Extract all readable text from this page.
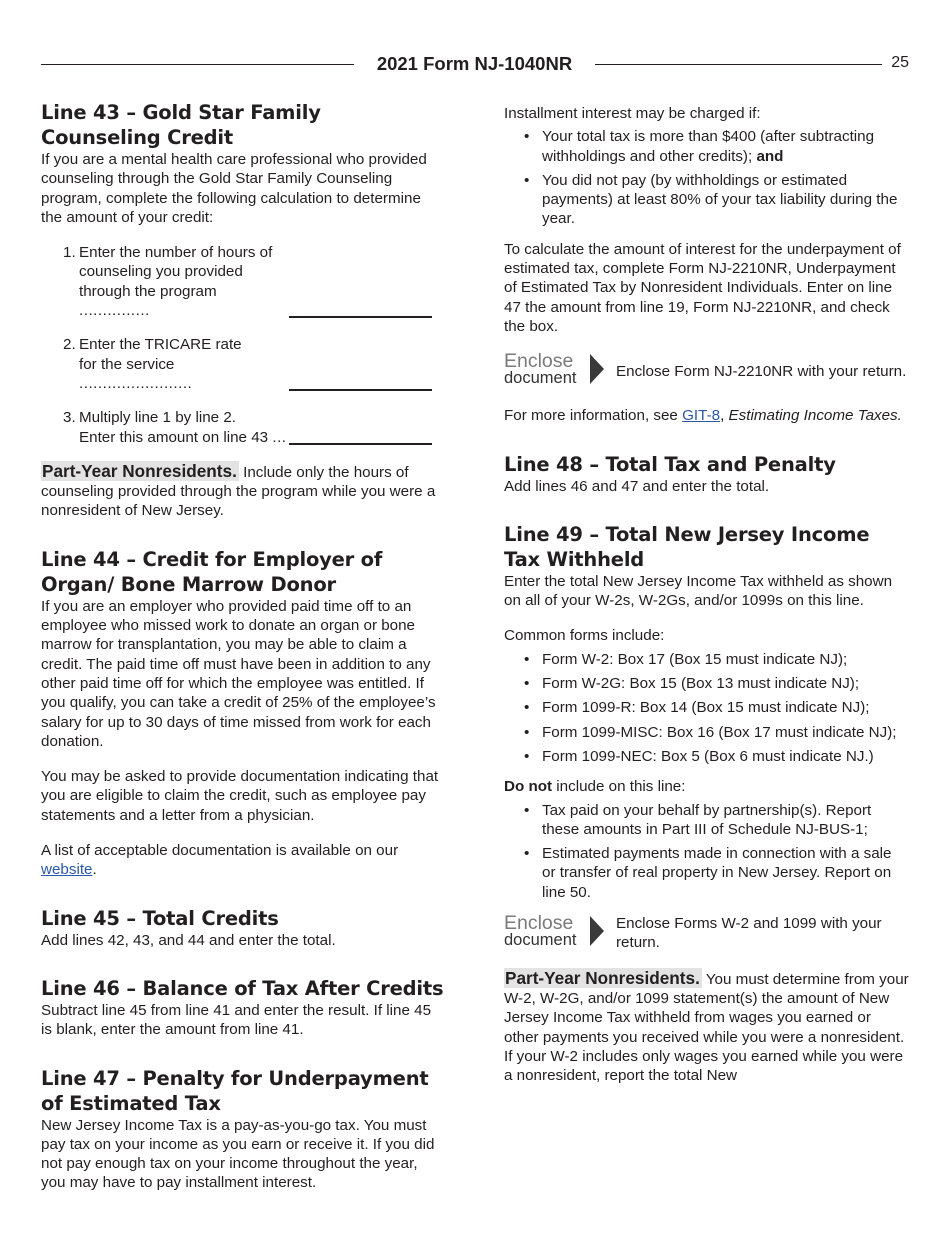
2021 Form NJ-1040NR	25
Line 43 – Gold Star Family Counseling Credit

If you are a mental health care professional who provided counseling through the Gold Star Family Counseling program, complete the following calculation to determine the amount of your credit:

1. Enter the number of hours of
counseling you provided
through the program ...............
2. Enter the TRICARE rate
for the service ........................
3. Multiply line 1 by line 2.
Enter this amount on line 43 ...

Part-Year Nonresidents. Include only the hours of counseling provided through the program while you were a nonresident of New Jersey.

Line 44 – Credit for Employer of Organ/ Bone Marrow Donor

If you are an employer who provided paid time off to an employee who missed work to donate an organ or bone marrow for transplantation, you may be able to claim a credit. The paid time off must have been in addition to any other paid time off for which the employee was entitled. If you qualify, you can take a credit of 25% of the employee’s salary for up to 30 days of time missed from work for each donation.

You may be asked to provide documentation indicating that you are eligible to claim the credit, such as employee pay statements and a letter from a physician.

A list of acceptable documentation is available on our website.

Line 45 – Total Credits

Add lines 42, 43, and 44 and enter the total.

Line 46 – Balance of Tax After Credits

Subtract line 45 from line 41 and enter the result. If line 45 is blank, enter the amount from line 41.

Line 47 – Penalty for Underpayment of Estimated Tax

New Jersey Income Tax is a pay-as-you-go tax. You must pay tax on your income as you earn or receive it. If you did not pay enough tax on your income throughout the year, you may have to pay installment interest.

Installment interest may be charged if:

• Your total tax is more than $400 (after subtracting withholdings and other credits); and
• You did not pay (by withholdings or estimated payments) at least 80% of your tax liability during the year.

To calculate the amount of interest for the underpayment of estimated tax, complete Form NJ-2210NR, Underpayment of Estimated Tax by Nonresident Individuals. Enter on line 47 the amount from line 19, Form NJ-2210NR, and check the box.

Enclose
document	Enclose Form NJ-2210NR with your return.

For more information, see GIT-8, Estimating Income Taxes.

Line 48 – Total Tax and Penalty

Add lines 46 and 47 and enter the total.

Line 49 – Total New Jersey Income Tax Withheld

Enter the total New Jersey Income Tax withheld as shown on all of your W-2s, W-2Gs, and/or 1099s on this line.

Common forms include:

• Form W-2: Box 17 (Box 15 must indicate NJ);
• Form W-2G: Box 15 (Box 13 must indicate NJ);
• Form 1099-R: Box 14 (Box 15 must indicate NJ);
• Form 1099-MISC: Box 16 (Box 17 must indicate NJ);
• Form 1099-NEC: Box 5 (Box 6 must indicate NJ.)

Do not include on this line:

• Tax paid on your behalf by partnership(s). Report these amounts in Part III of Schedule NJ-BUS-1;
• Estimated payments made in connection with a sale or transfer of real property in New Jersey. Report on line 50.
Enclose
document
Enclose Forms W-2 and 1099 with your return.

Part-Year Nonresidents. You must determine from your W-2, W-2G, and/or 1099 statement(s) the amount of New Jersey Income Tax withheld from wages you earned or other payments you received while you were a nonresident. If your W-2 includes only wages you earned while you were a nonresident, report the total New
